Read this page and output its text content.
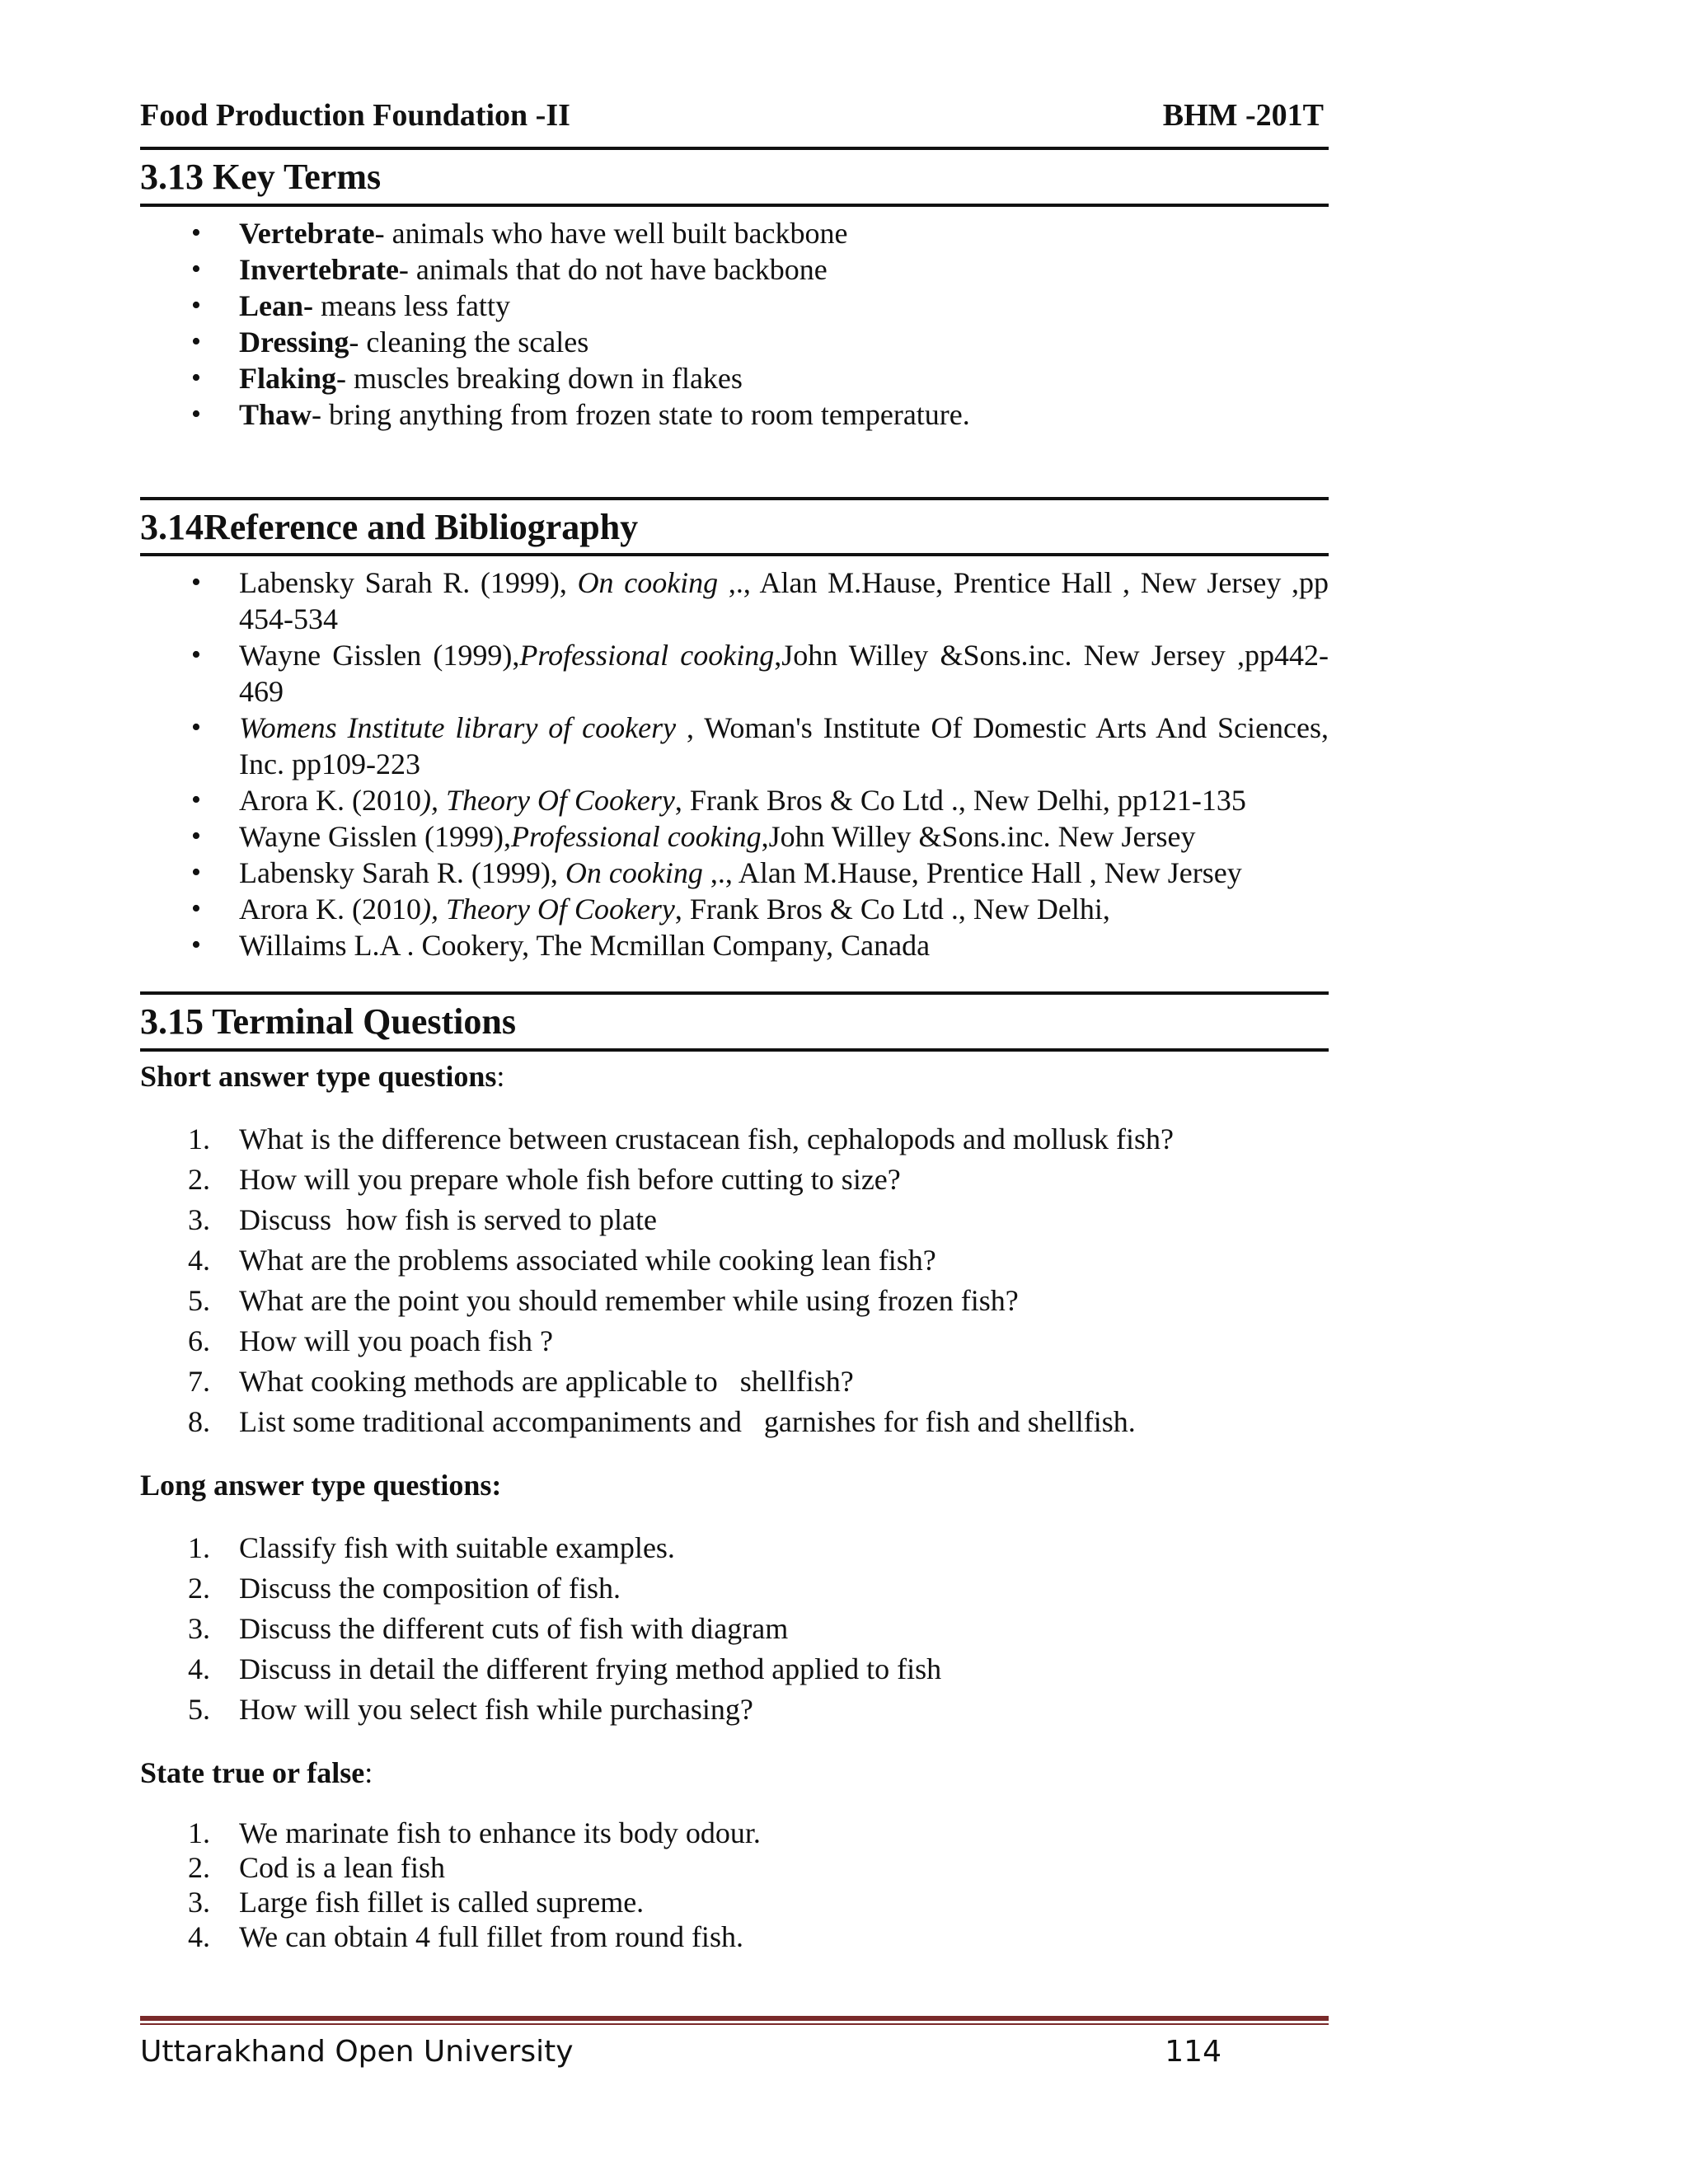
Food Production Foundation -II	BHM -201T
3.13 Key Terms
• Vertebrate- animals who have well built backbone
• Invertebrate- animals that do not have backbone
• Lean- means less fatty
• Dressing- cleaning the scales
• Flaking- muscles breaking down in flakes
• Thaw- bring anything from frozen state to room temperature.
3.14Reference and Bibliography
• Labensky Sarah R. (1999), On cooking ,., Alan M.Hause, Prentice Hall , New Jersey ,pp 454-534
• Wayne Gisslen (1999),Professional cooking,John Willey &Sons.inc. New Jersey ,pp442-469
• Womens Institute library of cookery , Woman's Institute Of Domestic Arts And Sciences, Inc. pp109-223
• Arora K. (2010), Theory Of Cookery, Frank Bros & Co Ltd ., New Delhi, pp121-135
• Wayne Gisslen (1999),Professional cooking,John Willey &Sons.inc. New Jersey
• Labensky Sarah R. (1999), On cooking ,., Alan M.Hause, Prentice Hall , New Jersey
• Arora K. (2010), Theory Of Cookery, Frank Bros & Co Ltd ., New Delhi,
• Willaims L.A . Cookery, The Mcmillan Company, Canada
3.15 Terminal Questions

Short answer type questions:

1. What is the difference between crustacean fish, cephalopods and mollusk fish?
2. How will you prepare whole fish before cutting to size?
3. Discuss  how fish is served to plate
4. What are the problems associated while cooking lean fish?
5. What are the point you should remember while using frozen fish?
6. How will you poach fish ?
7. What cooking methods are applicable to   shellfish?
8. List some traditional accompaniments and   garnishes for fish and shellfish.

Long answer type questions:

1. Classify fish with suitable examples.
2. Discuss the composition of fish.
3. Discuss the different cuts of fish with diagram
4. Discuss in detail the different frying method applied to fish
5. How will you select fish while purchasing?

State true or false:

1. We marinate fish to enhance its body odour.
2. Cod is a lean fish
3. Large fish fillet is called supreme.
4. We can obtain 4 full fillet from round fish.
Uttarakhand Open University	114
